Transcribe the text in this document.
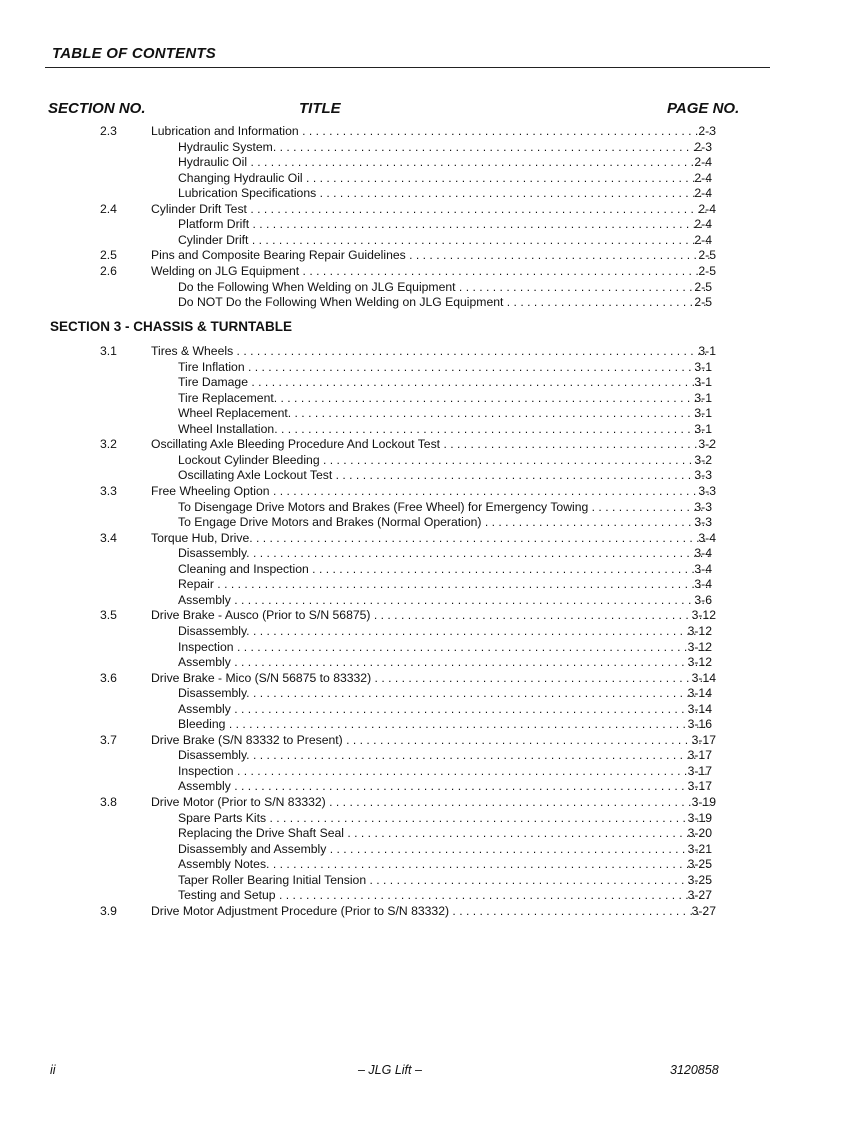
TABLE OF CONTENTS
SECTION NO.	TITLE	PAGE NO.
SECTION 3 - CHASSIS & TURNTABLE
2.3	Lubrication and Information . . .	2-3
Hydraulic System. . . .	2-3
Hydraulic Oil . . .	2-4
Changing Hydraulic Oil . . .	2-4
Lubrication Specifications . . .	2-4
2.4	Cylinder Drift Test . . .	2-4
Platform Drift . . .	2-4
Cylinder Drift . . .	2-4
2.5	Pins and Composite Bearing Repair Guidelines . . .	2-5
2.6	Welding on JLG Equipment . . .	2-5
Do the Following When Welding on JLG Equipment . . .	2-5
Do NOT Do the Following When Welding on JLG Equipment . . .	2-5
3.1	Tires & Wheels . . .	3-1
Tire Inflation . . .	3-1
Tire Damage . . .	3-1
Tire Replacement. . . .	3-1
Wheel Replacement. . . .	3-1
Wheel Installation. . . .	3-1
3.2	Oscillating Axle Bleeding Procedure And Lockout Test . . .	3-2
Lockout Cylinder Bleeding . . .	3-2
Oscillating Axle Lockout Test . . .	3-3
3.3	Free Wheeling Option . . .	3-3
To Disengage Drive Motors and Brakes (Free Wheel) for Emergency Towing . . .	3-3
To Engage Drive Motors and Brakes (Normal Operation) . . .	3-3
3.4	Torque Hub, Drive. . . .	3-4
Disassembly. . . .	3-4
Cleaning and Inspection . . .	3-4
Repair . . .	3-4
Assembly . . .	3-6
3.5	Drive Brake - Ausco (Prior to S/N 56875) . . .	3-12
Disassembly. . . .	3-12
Inspection . . .	3-12
Assembly . . .	3-12
3.6	Drive Brake - Mico (S/N 56875 to 83332) . . .	3-14
Disassembly. . . .	3-14
Assembly . . .	3-14
Bleeding . . .	3-16
3.7	Drive Brake (S/N 83332 to Present) . . .	3-17
Disassembly. . . .	3-17
Inspection . . .	3-17
Assembly . . .	3-17
3.8	Drive Motor (Prior to S/N 83332) . . .	3-19
Spare Parts Kits . . .	3-19
Replacing the Drive Shaft Seal . . .	3-20
Disassembly and Assembly . . .	3-21
Assembly Notes. . . .	3-25
Taper Roller Bearing Initial Tension . . .	3-25
Testing and Setup . . .	3-27
3.9	Drive Motor Adjustment Procedure (Prior to S/N 83332) . . .	3-27
ii	– JLG Lift –	3120858
